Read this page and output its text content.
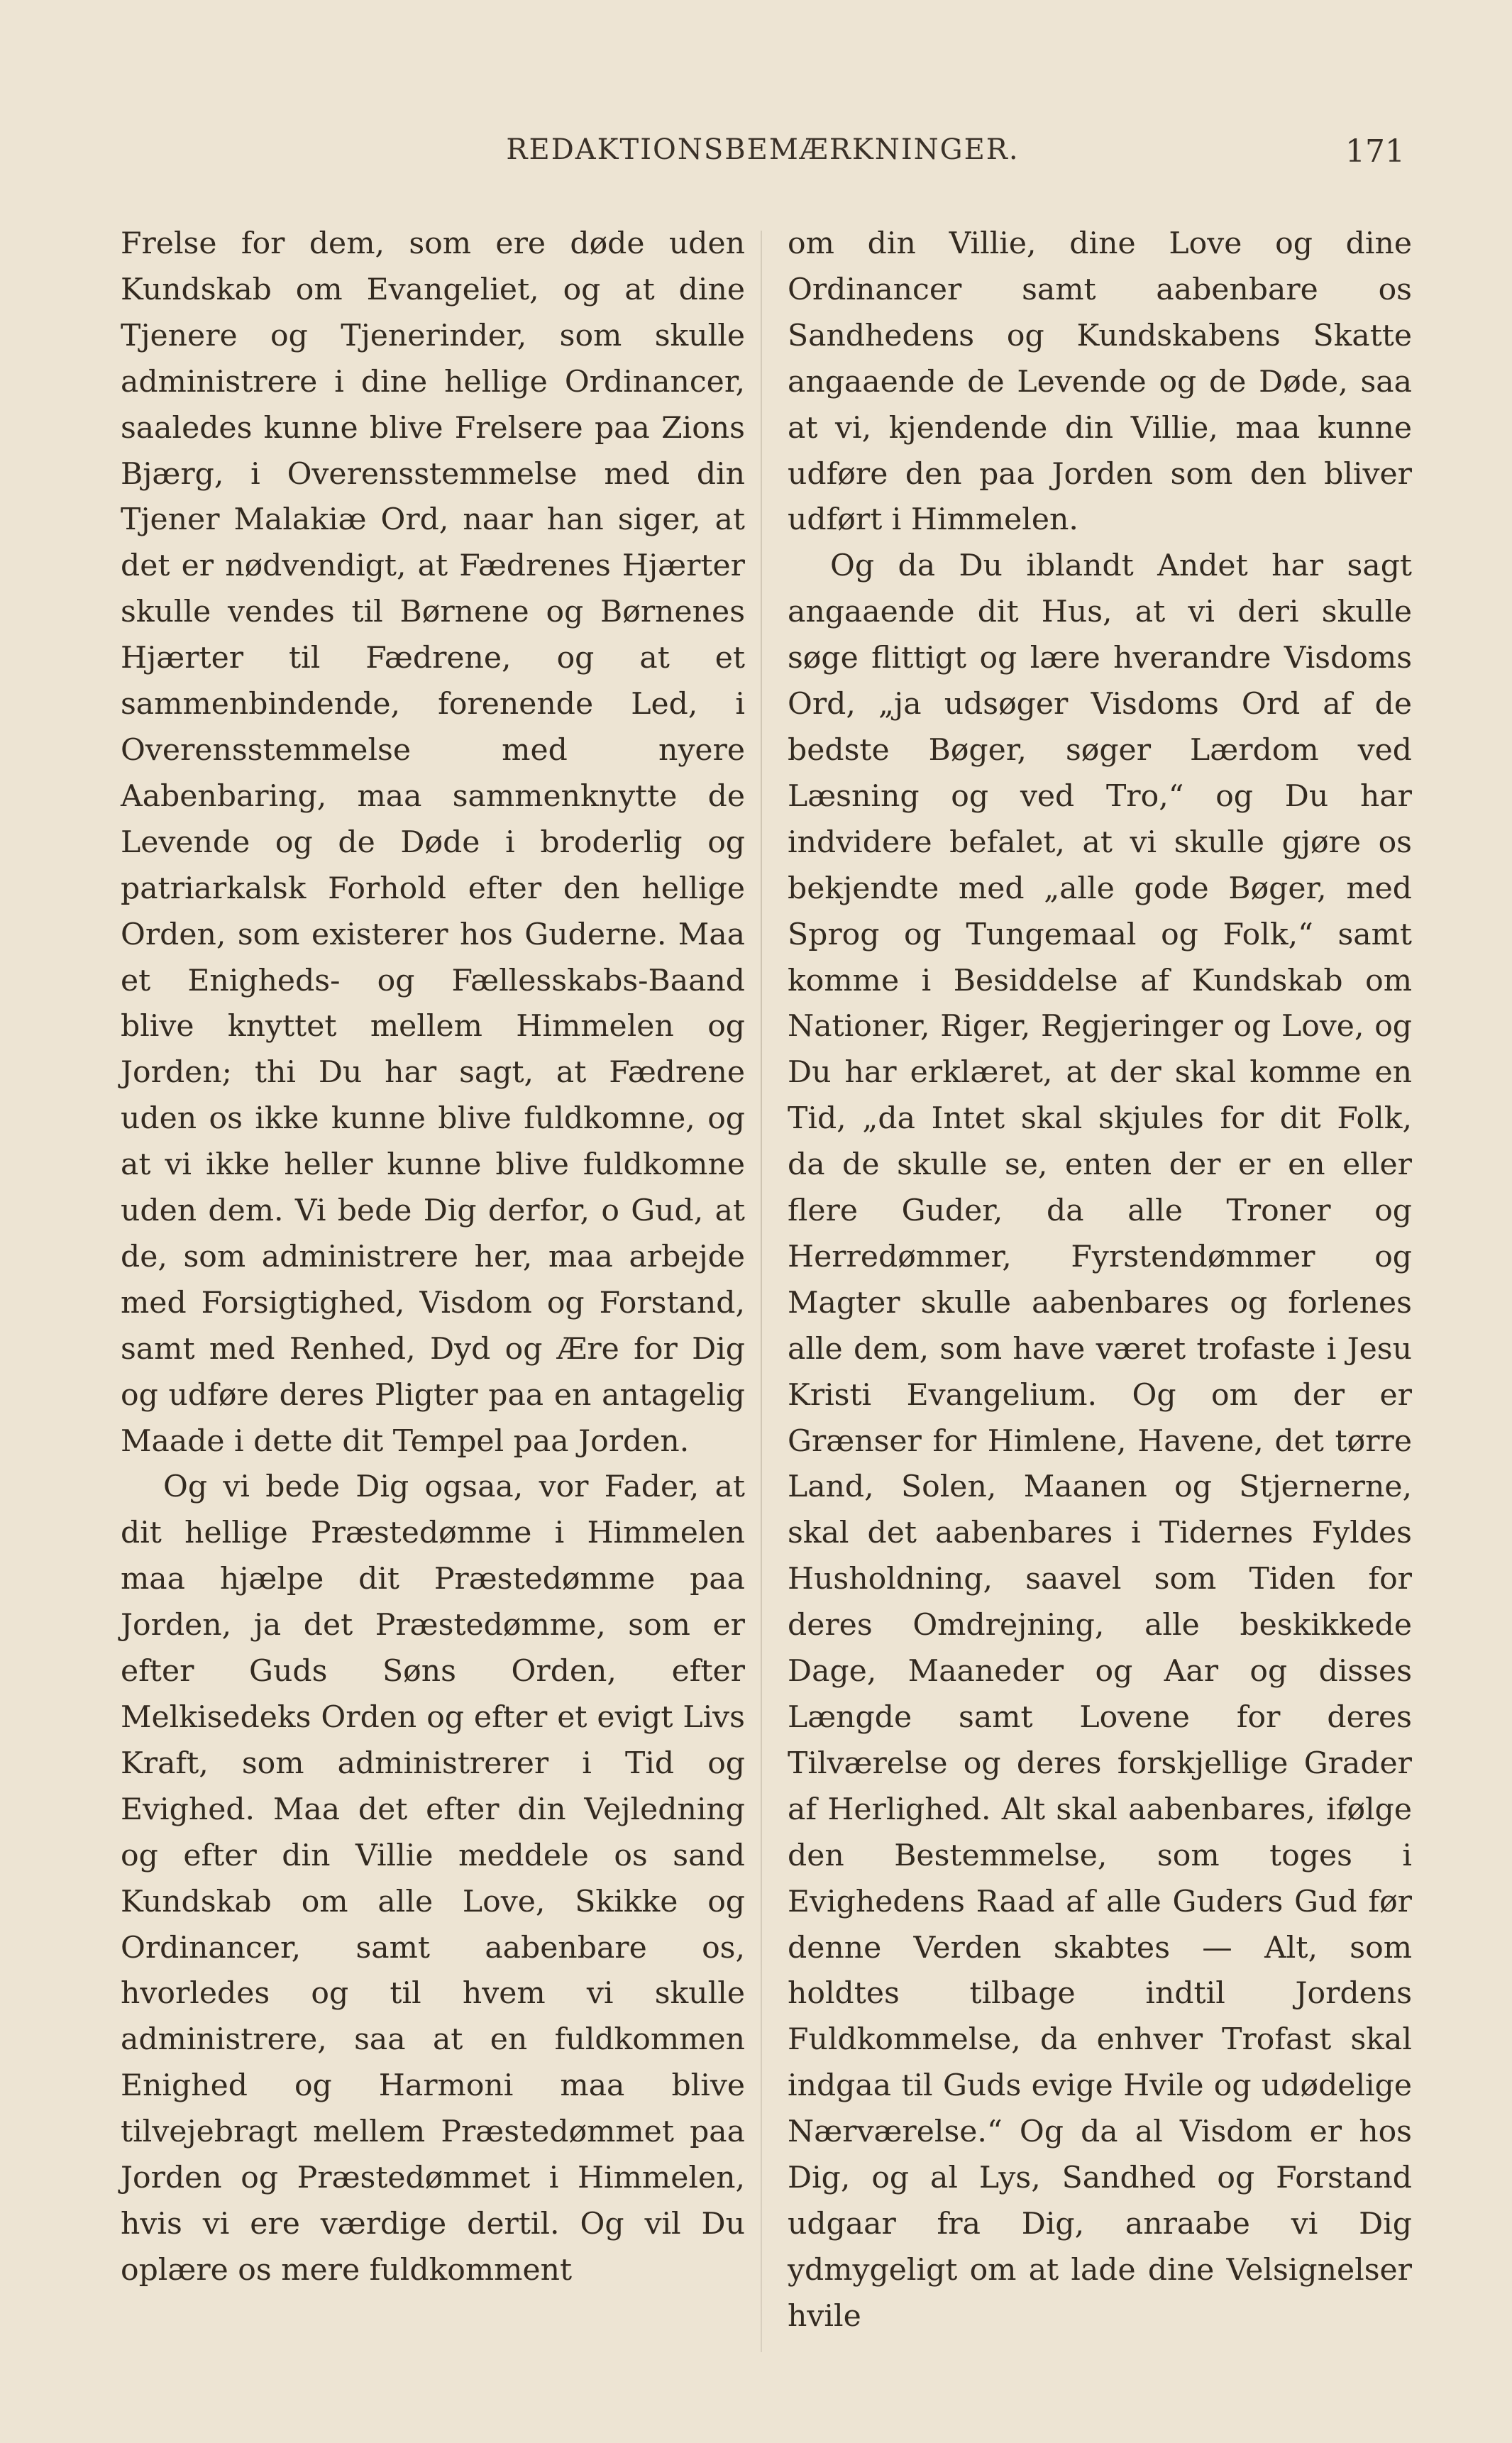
REDAKTIONSBEMÆRKNINGER.	171

Frelse for dem, som ere døde uden Kundskab om Evangeliet, og at dine Tjenere og Tjenerinder, som skulle administrere i dine hellige Ordinancer, saaledes kunne blive Frelsere paa Zions Bjærg, i Overensstemmelse med din Tjener Malakiæ Ord, naar han siger, at det er nødvendigt, at Fædrenes Hjærter skulle vendes til Børnene og Børnenes Hjærter til Fædrene, og at et sammenbindende, forenende Led, i Overensstemmelse med nyere Aabenbaring, maa sammenknytte de Levende og de Døde i broderlig og patriarkalsk Forhold efter den hellige Orden, som existerer hos Guderne. Maa et Enigheds- og Fællesskabs-Baand blive knyttet mellem Himmelen og Jorden; thi Du har sagt, at Fædrene uden os ikke kunne blive fuldkomne, og at vi ikke heller kunne blive fuldkomne uden dem. Vi bede Dig derfor, o Gud, at de, som administrere her, maa arbejde med Forsigtighed, Visdom og Forstand, samt med Renhed, Dyd og Ære for Dig og udføre deres Pligter paa en antagelig Maade i dette dit Tempel paa Jorden.

Og vi bede Dig ogsaa, vor Fader, at dit hellige Præstedømme i Himmelen maa hjælpe dit Præstedømme paa Jorden, ja det Præstedømme, som er efter Guds Søns Orden, efter Melkisedeks Orden og efter et evigt Livs Kraft, som administrerer i Tid og Evighed. Maa det efter din Vejledning og efter din Villie meddele os sand Kundskab om alle Love, Skikke og Ordinancer, samt aabenbare os, hvorledes og til hvem vi skulle administrere, saa at en fuldkommen Enighed og Harmoni maa blive tilvejebragt mellem Præstedømmet paa Jorden og Præstedømmet i Himmelen, hvis vi ere værdige dertil. Og vil Du oplære os mere fuldkomment

om din Villie, dine Love og dine Ordinancer samt aabenbare os Sandhedens og Kundskabens Skatte angaaende de Levende og de Døde, saa at vi, kjendende din Villie, maa kunne udføre den paa Jorden som den bliver udført i Himmelen.

Og da Du iblandt Andet har sagt angaaende dit Hus, at vi deri skulle søge flittigt og lære hverandre Visdoms Ord, „ja udsøger Visdoms Ord af de bedste Bøger, søger Lærdom ved Læsning og ved Tro,“ og Du har indvidere befalet, at vi skulle gjøre os bekjendte med „alle gode Bøger, med Sprog og Tungemaal og Folk,“ samt komme i Besiddelse af Kundskab om Nationer, Riger, Regjeringer og Love, og Du har erklæret, at der skal komme en Tid, „da Intet skal skjules for dit Folk, da de skulle se, enten der er en eller flere Guder, da alle Troner og Herredømmer, Fyrstendømmer og Magter skulle aabenbares og forlenes alle dem, som have været trofaste i Jesu Kristi Evangelium. Og om der er Grænser for Himlene, Havene, det tørre Land, Solen, Maanen og Stjernerne, skal det aabenbares i Tidernes Fyldes Husholdning, saavel som Tiden for deres Omdrejning, alle beskikkede Dage, Maaneder og Aar og disses Længde samt Lovene for deres Tilværelse og deres forskjellige Grader af Herlighed. Alt skal aabenbares, ifølge den Bestemmelse, som toges i Evighedens Raad af alle Guders Gud før denne Verden skabtes — Alt, som holdtes tilbage indtil Jordens Fuldkommelse, da enhver Trofast skal indgaa til Guds evige Hvile og udødelige Nærværelse.“ Og da al Visdom er hos Dig, og al Lys, Sandhed og Forstand udgaar fra Dig, anraabe vi Dig ydmygeligt om at lade dine Velsignelser hvile
